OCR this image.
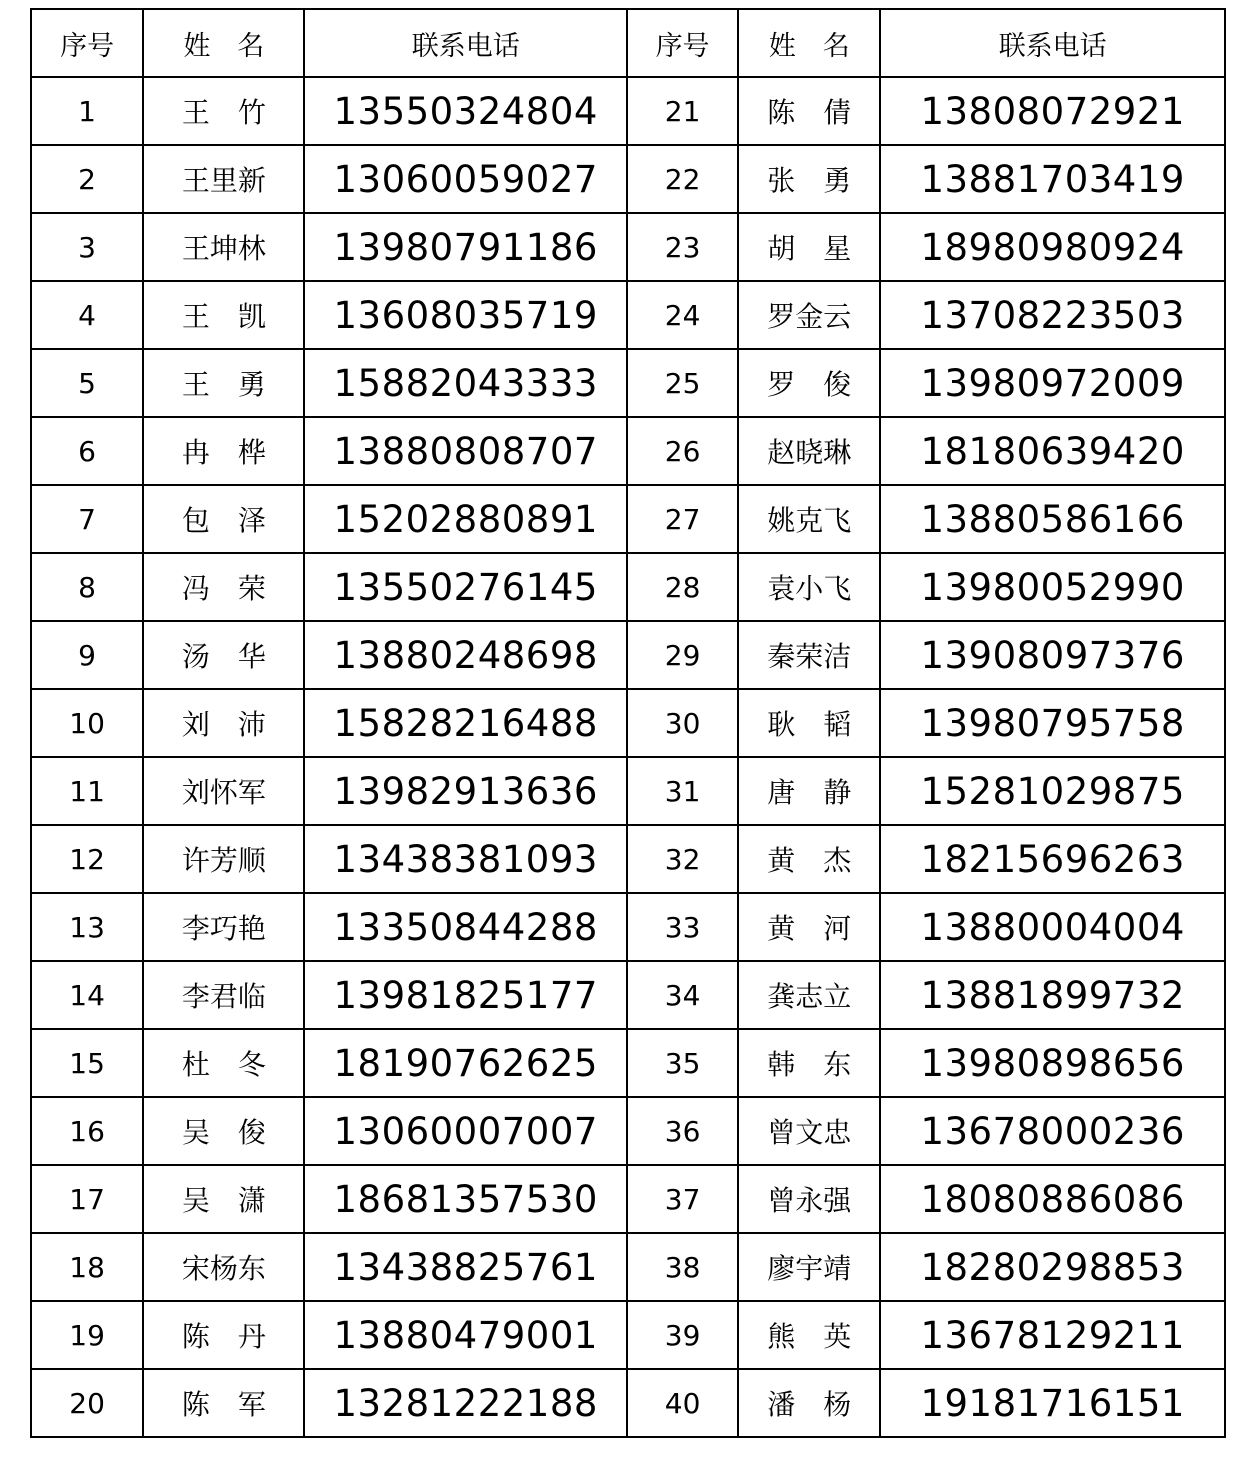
序号	姓　名	联系电话	序号	姓　名	联系电话
1	王　竹	13550324804	21	陈　倩	13808072921
2	王里新	13060059027	22	张　勇	13881703419
3	王坤林	13980791186	23	胡　星	18980980924
4	王　凯	13608035719	24	罗金云	13708223503
5	王　勇	15882043333	25	罗　俊	13980972009
6	冉　桦	13880808707	26	赵晓琳	18180639420
7	包　泽	15202880891	27	姚克飞	13880586166
8	冯　荣	13550276145	28	袁小飞	13980052990
9	汤　华	13880248698	29	秦荣洁	13908097376
10	刘　沛	15828216488	30	耿　韬	13980795758
11	刘怀军	13982913636	31	唐　静	15281029875
12	许芳顺	13438381093	32	黄　杰	18215696263
13	李巧艳	13350844288	33	黄　河	13880004004
14	李君临	13981825177	34	龚志立	13881899732
15	杜　冬	18190762625	35	韩　东	13980898656
16	吴　俊	13060007007	36	曾文忠	13678000236
17	吴　潇	18681357530	37	曾永强	18080886086
18	宋杨东	13438825761	38	廖宇靖	18280298853
19	陈　丹	13880479001	39	熊　英	13678129211
20	陈　军	13281222188	40	潘　杨	19181716151
